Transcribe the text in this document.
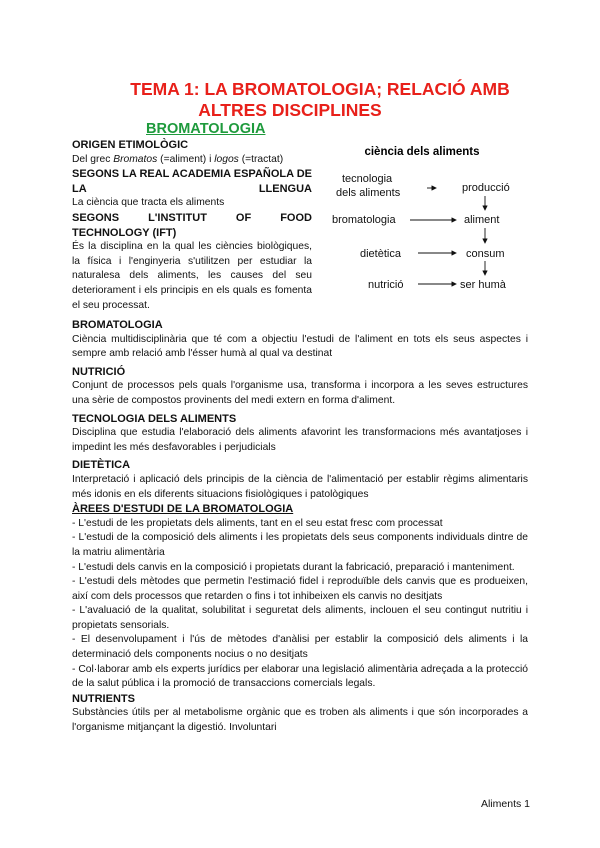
TEMA 1: LA BROMATOLOGIA; RELACIÓ AMB
ALTRES DISCIPLINES
BROMATOLOGIA
ORIGEN ETIMOLÒGIC
Del grec Bromatos (=aliment) i logos (=tractat)
SEGONS LA REAL ACADEMIA ESPAÑOLA DE LA LLENGUA
La ciència que tracta els aliments
SEGONS L'INSTITUT OF FOOD
TECHNOLOGY (IFT)
És la disciplina en la qual les ciències biològiques, la física i l'enginyeria s'utilitzen per estudiar la naturalesa dels aliments, les causes del seu deteriorament i els principis en els quals es fomenta el seu processat.
ciència dels aliments
tecnologia
dels aliments
bromatologia
dietètica
nutrició
producció
aliment
consum
ser humà
BROMATOLOGIA
Ciència multidisciplinària que té com a objectiu l'estudi de l'aliment en tots els seus aspectes i sempre amb relació amb l'ésser humà al qual va destinat
NUTRICIÓ
Conjunt de processos pels quals l'organisme usa, transforma i incorpora a les seves estructures una sèrie de compostos provinents del medi extern en forma d'aliment.
TECNOLOGIA DELS ALIMENTS
Disciplina que estudia l'elaboració dels aliments afavorint les transformacions més avantatjoses i impedint les més desfavorables i perjudicials
DIETÈTICA
Interpretació i aplicació dels principis de la ciència de l'alimentació per establir règims alimentaris més idonis en els diferents situacions fisiològiques i patològiques
ÀREES D'ESTUDI DE LA BROMATOLOGIA
- L'estudi de les propietats dels aliments, tant en el seu estat fresc com processat
- L'estudi de la composició dels aliments i les propietats dels seus components individuals dintre de la matriu alimentària
- L'estudi dels canvis en la composició i propietats durant la fabricació, preparació i manteniment.
- L'estudi dels mètodes que permetin l'estimació fidel i reproduïble dels canvis que es produeixen, així com dels processos que retarden o fins i tot inhibeixen els canvis no desitjats
- L'avaluació de la qualitat, solubilitat i seguretat dels aliments, inclouen el seu contingut nutritiu i propietats sensorials.
- El desenvolupament i l'ús de mètodes d'anàlisi per establir la composició dels aliments i la determinació dels components nocius o no desitjats
- Col·laborar amb els experts jurídics per elaborar una legislació alimentària adreçada a la protecció de la salut pública i la promoció de transaccions comercials legals.
NUTRIENTS
Substàncies útils per al metabolisme orgànic que es troben als aliments i que són incorporades a l'organisme mitjançant la digestió. Involuntari
Aliments 1
